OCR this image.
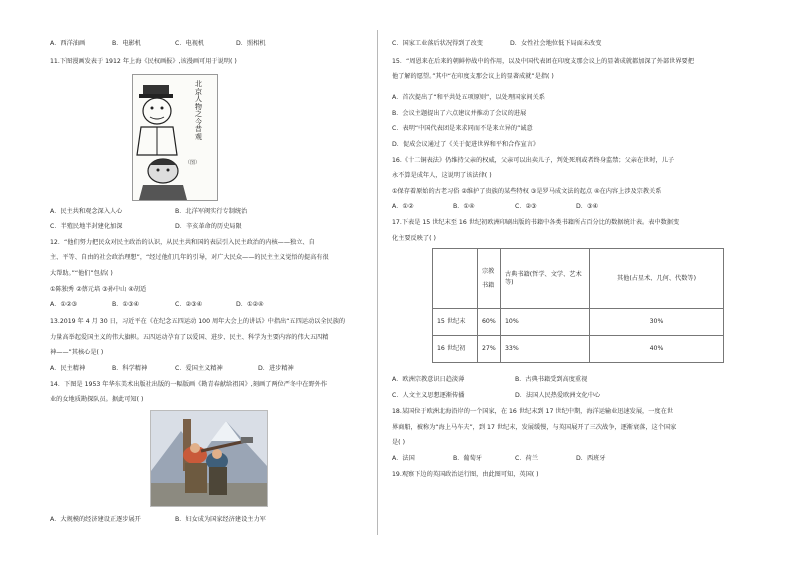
A．西洋油画	B．电影机	C．电视机	D．照相机
11.下图漫画发表于 1912 年上海《民权画报》,该漫画可用于说明( )
北京人物之今昔观
（图）
A．民主共和观念深入人心	B．北洋军阀实行专制统治
C．半殖民地半封建化加深	D．辛亥革命的历史局限
12．“他们努力把民众对民主政治的认识，从民主共和国的表层引入民主政治的内核——独立、自
主、平等、自由的社会政治理想”，“经过他们几年的引导，对广大民众——的民主主义觉悟的提高有很
大帮助。”“他们”包括( )
①陈独秀 ②蔡元培 ③孙中山 ④胡适
A．①②③	B．①③④	C．②③④	D．①②④
13.2019 年 4 月 30 日，习近平在《在纪念五四运动 100 周年大会上的讲话》中指出“五四运动以全民族的
力量高举起爱国主义的伟大旗帜。五四运动孕育了以爱国、进步、民主、科学为主要内容的伟大五四精
神——”其核心是( )
A．民主精神	B．科学精神	C．爱国主义精神	D．进步精神
14．下图是 1953 年华东美术出版社出版的一幅版画《勘青春献给祖国》,刻画了两位严冬中在野外作
业的女地质勘探队员。据此可知( )
A．大规模的经济建设正逐步展开	B．妇女成为国家经济建设主力军
C．国家工业落后状况得到了改变	D．女性社会地位低下局面未改变
15．“周恩来在后来的朝鲜停战中的作用，以及中国代表团在印度支那会议上的显著成就都加深了外部世界要把
他了解的愿望。”其中“在印度支那会议上的显著成就”是指( )
A．首次提出了“和平共处五项原则”，以处理国家间关系
B．会议主题提出了六点建议并推动了会议的进展
C．表明“中国代表团是来求同而不是来立异的”诚意
D．促成会议通过了《关于促进世界和平和合作宣言》
16.《十二铜表法》仍维持父亲的权威，父亲可以出卖儿子，判处死刑或者终身监禁；父亲在世时，儿子
永不算是成年人，这说明了该法律( )
①保存着原始的古老习俗 ②维护了贵族的某些特权 ③是罗马成文法的起点 ④在内容上涉及宗教关系
A．①②	B．①④	C．②③	D．③④
17.下表是 15 世纪末至 16 世纪初欧洲印刷出版的书籍中各类书籍所占百分比的数据统计表。表中数据变
化主要反映了( )
	宗教书籍	古典书籍(哲学、文学、艺术等)	其他(占星术、几何、代数等)
15 世纪末	60%	10%	30%
16 世纪初	27%	33%	40%
A．欧洲宗教意识日趋淡薄	B．古典书籍受到高度重视
C．人文主义思想逐渐传播	D．法国人民热爱欧洲文化中心
18.某国位于欧洲北海沿岸的一个国家，在 16 世纪末到 17 世纪中期，海洋运输业迅速发展，一度在世
界商船，被称为“海上马车夫”，到 17 世纪末，发展缓慢，与英国展开了三次战争，逐渐衰落，这个国家
是( )
A．法国	B．葡萄牙	C．荷兰	D．西班牙
19.观察下边的英国政治运行图，由此图可知，英国( )
